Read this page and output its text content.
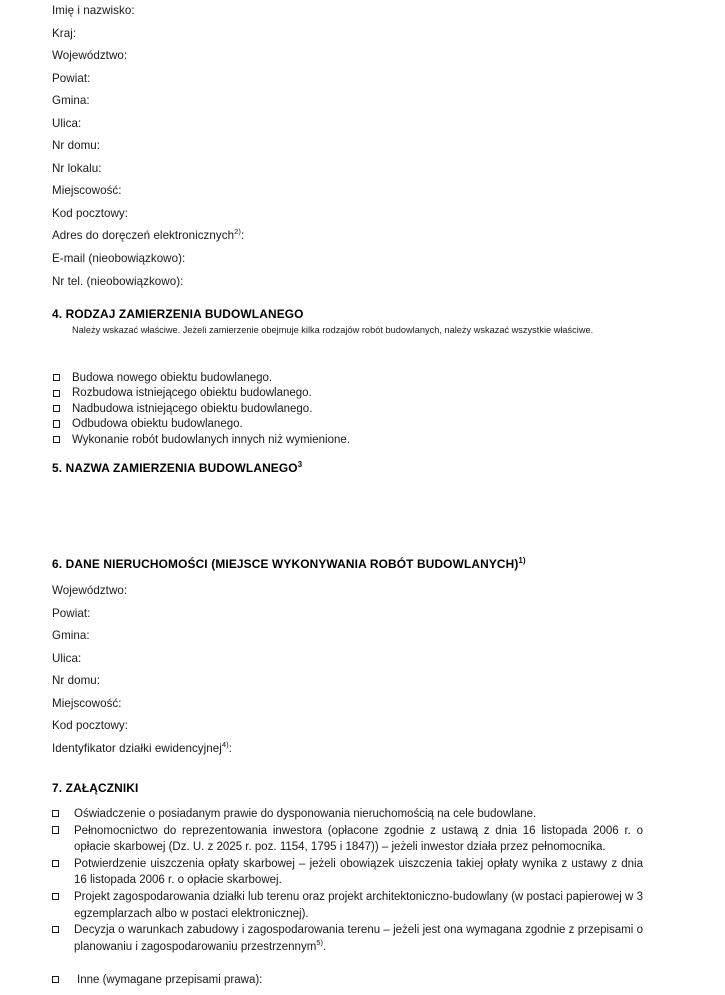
Imię i nazwisko:
Kraj:
Województwo:
Powiat:
Gmina:
Ulica:
Nr domu:
Nr lokalu:
Miejscowość:
Kod pocztowy:
Adres do doręczeń elektronicznych$^{2)}$:
E-mail (nieobowiązkowo):
Nr tel. (nieobowiązkowo):
4. RODZAJ ZAMIERZENIA BUDOWLANEGO
Należy wskazać właściwe. Jeżeli zamierzenie obejmuje kilka rodzajów robót budowlanych, należy wskazać wszystkie właściwe.
Budowa nowego obiektu budowlanego.
Rozbudowa istniejącego obiektu budowlanego.
Nadbudowa istniejącego obiektu budowlanego.
Odbudowa obiektu budowlanego.
Wykonanie robót budowlanych innych niż wymienione.
5. NAZWA ZAMIERZENIA BUDOWLANEGO$^3$
6. DANE NIERUCHOMOŚCI (MIEJSCE WYKONYWANIA ROBÓT BUDOWLANYCH)$^{1)}$
Województwo:
Powiat:
Gmina:
Ulica:
Nr domu:
Miejscowość:
Kod pocztowy:
Identyfikator działki ewidencyjnej$^{4)}$:
7. ZAŁĄCZNIKI
Oświadczenie o posiadanym prawie do dysponowania nieruchomością na cele budowlane.
Pełnomocnictwo do reprezentowania inwestora (opłacone zgodnie z ustawą z dnia 16 listopada 2006 r. o opłacie skarbowej (Dz. U. z 2025 r. poz. 1154, 1795 i 1847)) – jeżeli inwestor działa przez pełnomocnika.
Potwierdzenie uiszczenia opłaty skarbowej – jeżeli obowiązek uiszczenia takiej opłaty wynika z ustawy z dnia 16 listopada 2006 r. o opłacie skarbowej.
Projekt zagospodarowania działki lub terenu oraz projekt architektoniczno-budowlany (w postaci papierowej w 3 egzemplarzach albo w postaci elektronicznej).
Decyzja o warunkach zabudowy i zagospodarowania terenu – jeżeli jest ona wymagana zgodnie z przepisami o planowaniu i zagospodarowaniu przestrzennym$^{5)}$.
Inne (wymagane przepisami prawa):
